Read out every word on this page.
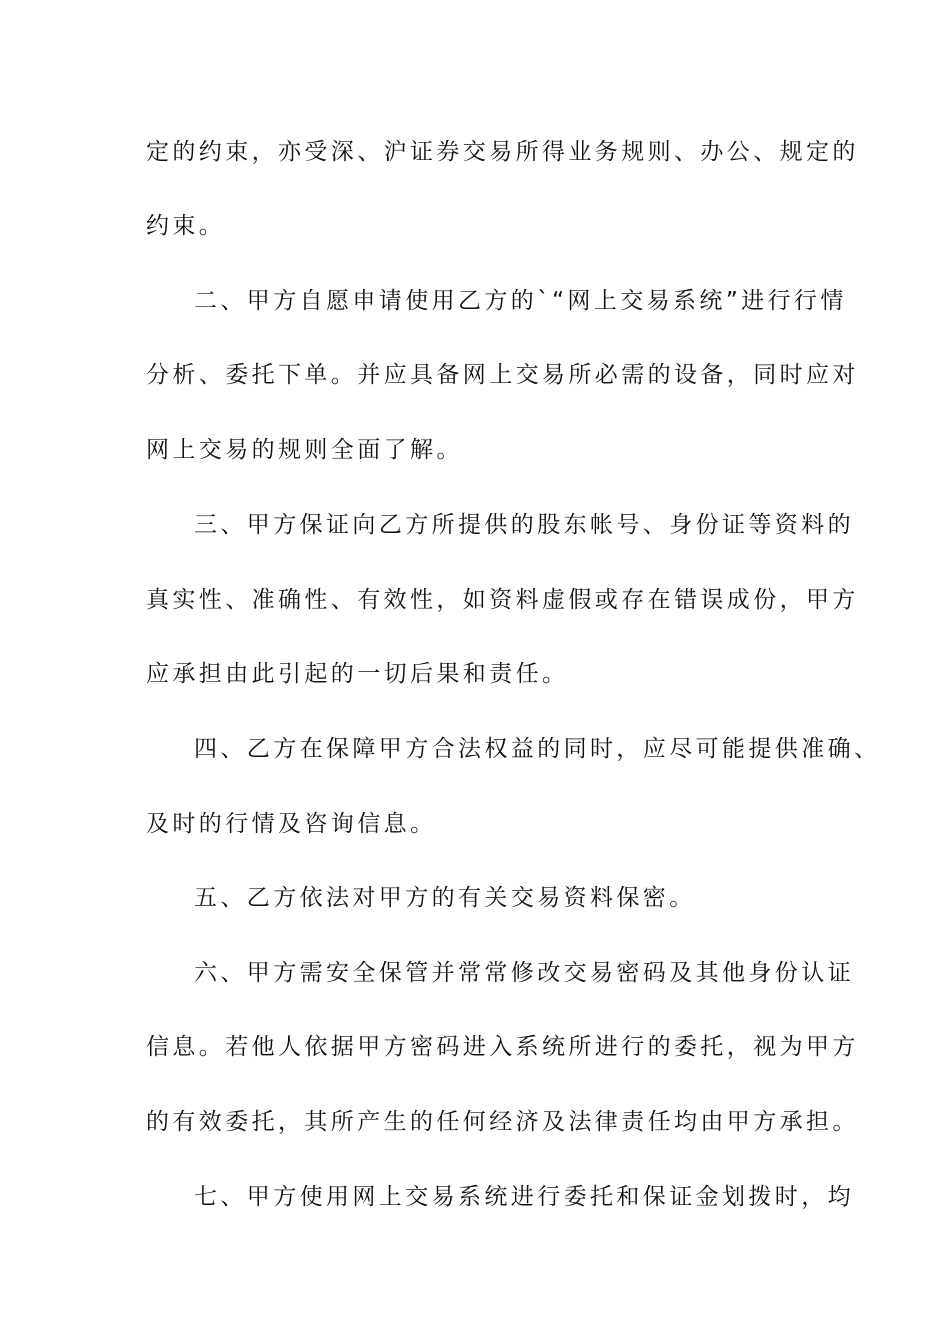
定的约束，亦受深、沪证券交易所得业务规则、办公、规定的
约束。
二、甲方自愿申请使用乙方的`“网上交易系统”进行行情
分析、委托下单。并应具备网上交易所必需的设备，同时应对
网上交易的规则全面了解。
三、甲方保证向乙方所提供的股东帐号、身份证等资料的
真实性、准确性、有效性，如资料虚假或存在错误成份，甲方
应承担由此引起的一切后果和责任。
四、乙方在保障甲方合法权益的同时，应尽可能提供准确、
及时的行情及咨询信息。
五、乙方依法对甲方的有关交易资料保密。
六、甲方需安全保管并常常修改交易密码及其他身份认证
信息。若他人依据甲方密码进入系统所进行的委托，视为甲方
的有效委托，其所产生的任何经济及法律责任均由甲方承担。
七、甲方使用网上交易系统进行委托和保证金划拨时，均
